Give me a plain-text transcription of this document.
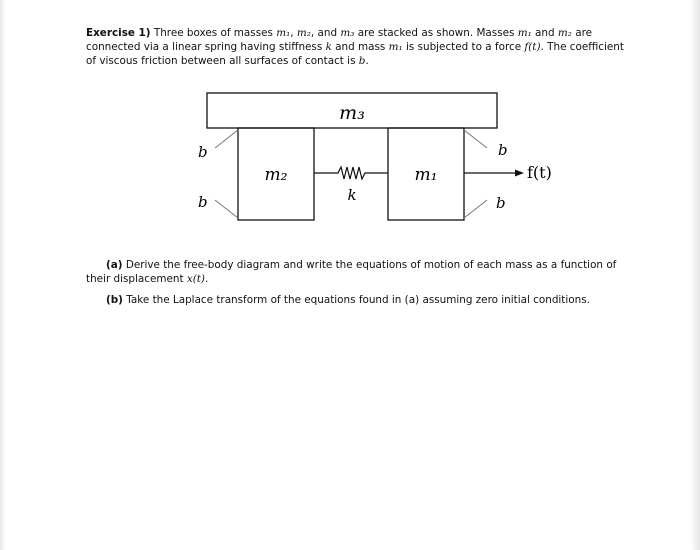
Exercise 1) Three boxes of masses m₁, m₂, and m₃ are stacked as shown. Masses m₁ and m₂ are connected via a linear spring having stiffness k and mass m₁ is subjected to a force f(t). The coefficient of viscous friction between all surfaces of contact is b.
m₃
m₂	m₁
k
b
b
b
b
f(t)
(a) Derive the free-body diagram and write the equations of motion of each mass as a function of their displacement x(t).
(b) Take the Laplace transform of the equations found in (a) assuming zero initial conditions.
